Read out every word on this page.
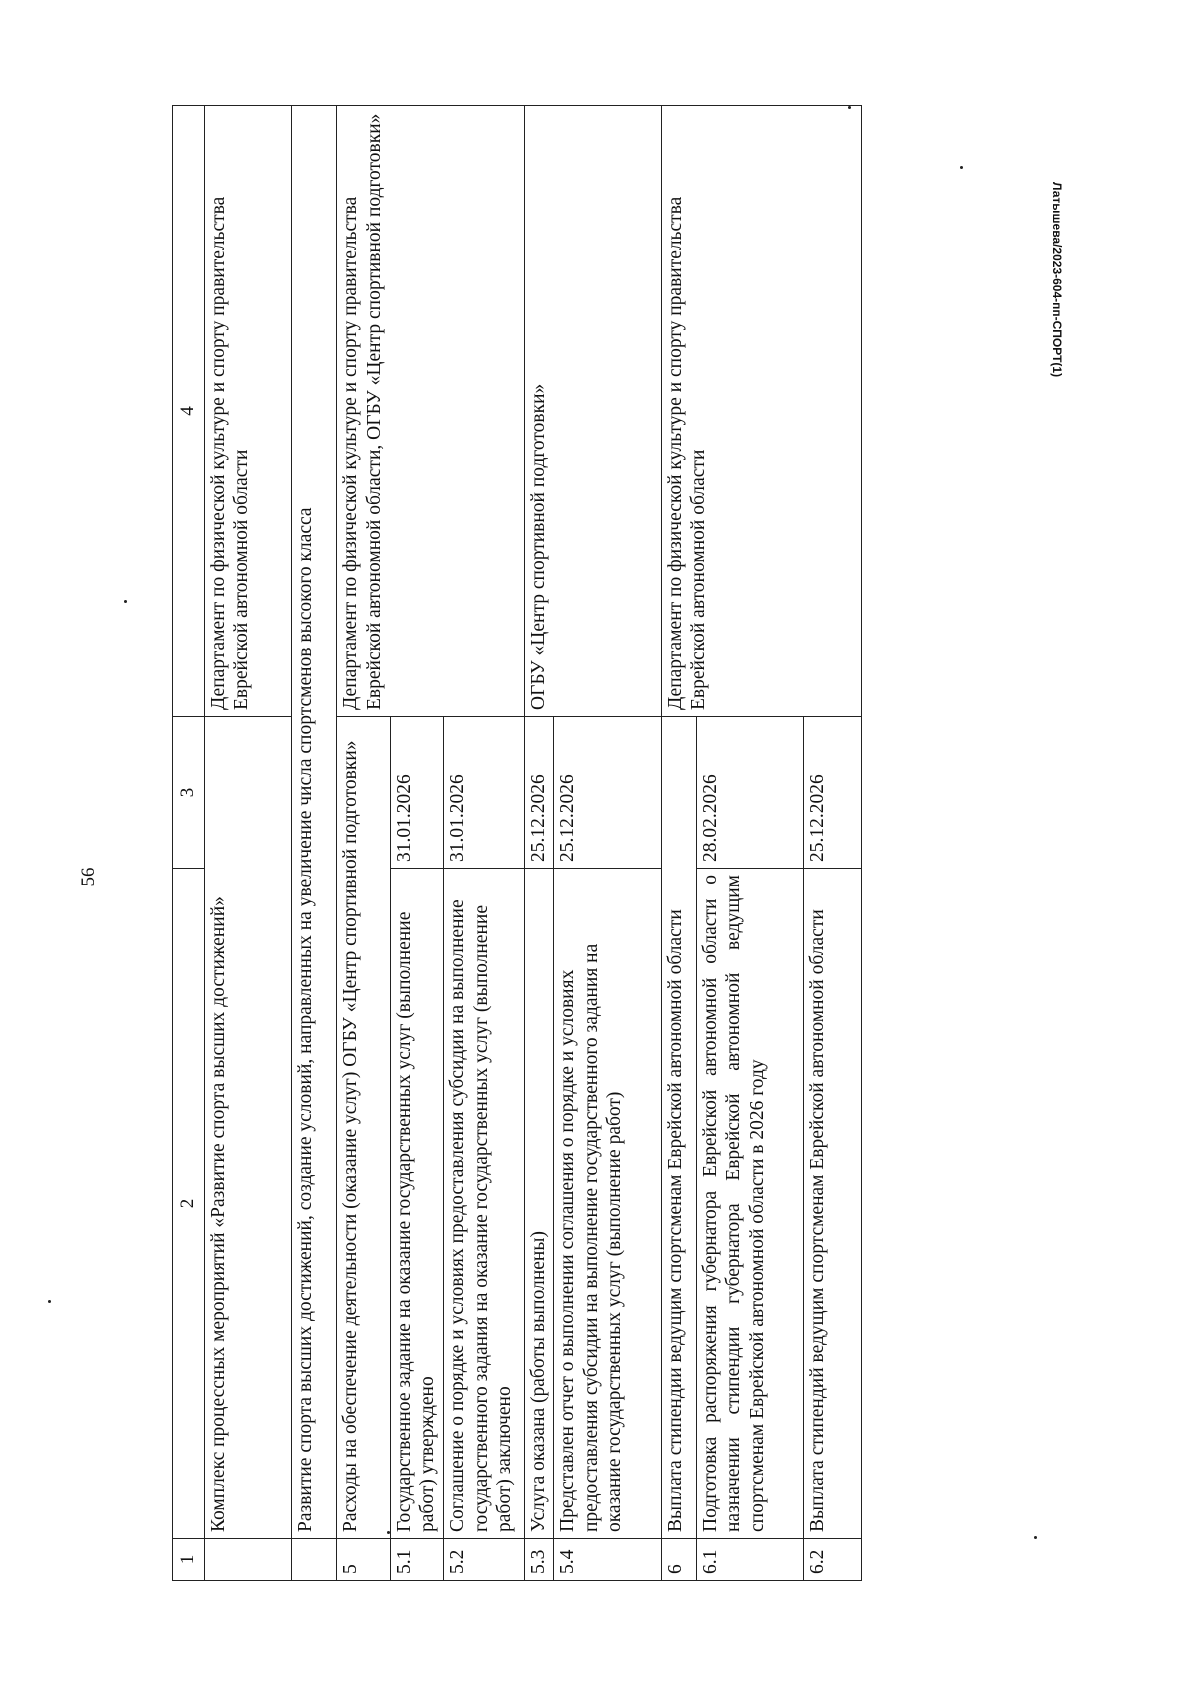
56
Латышева/2023-604-пп-СПОРТ(1)
1	2	3	4
	Комплекс процессных мероприятий «Развитие спорта высших достижений»		Департамент по физической культуре и спорту правительства Еврейской автономной области
	Развитие спорта высших достижений, создание условий, направленных на увеличение числа спортсменов высокого класса		
5	Расходы на обеспечение деятельности (оказание услуг) ОГБУ «Центр спортивной подготовки»		Департамент по физической культуре и спорту правительства Еврейской автономной области, ОГБУ «Центр спортивной подготовки»
5.1	Государственное задание на оказание государственных услуг (выполнение работ) утверждено	31.01.2026	
5.2	Соглашение о порядке и условиях предоставления субсидии на выполнение государственного задания на оказание государственных услуг (выполнение работ) заключено	31.01.2026	
5.3	Услуга оказана (работы выполнены)	25.12.2026	ОГБУ «Центр спортивной подготовки»
5.4	Представлен отчет о выполнении соглашения о порядке и условиях предоставления субсидии на выполнение государственного задания на оказание государственных услуг (выполнение работ)	25.12.2026	
6	Выплата стипендии ведущим спортсменам Еврейской автономной области		Департамент по физической культуре и спорту правительства Еврейской автономной области
6.1	Подготовка распоряжения губернатора Еврейской автономной области о назначении стипендии губернатора Еврейской автономной ведущим спортсменам Еврейской автономной области в 2026 году	28.02.2026	
6.2	Выплата стипендий ведущим спортсменам Еврейской автономной области	25.12.2026	
